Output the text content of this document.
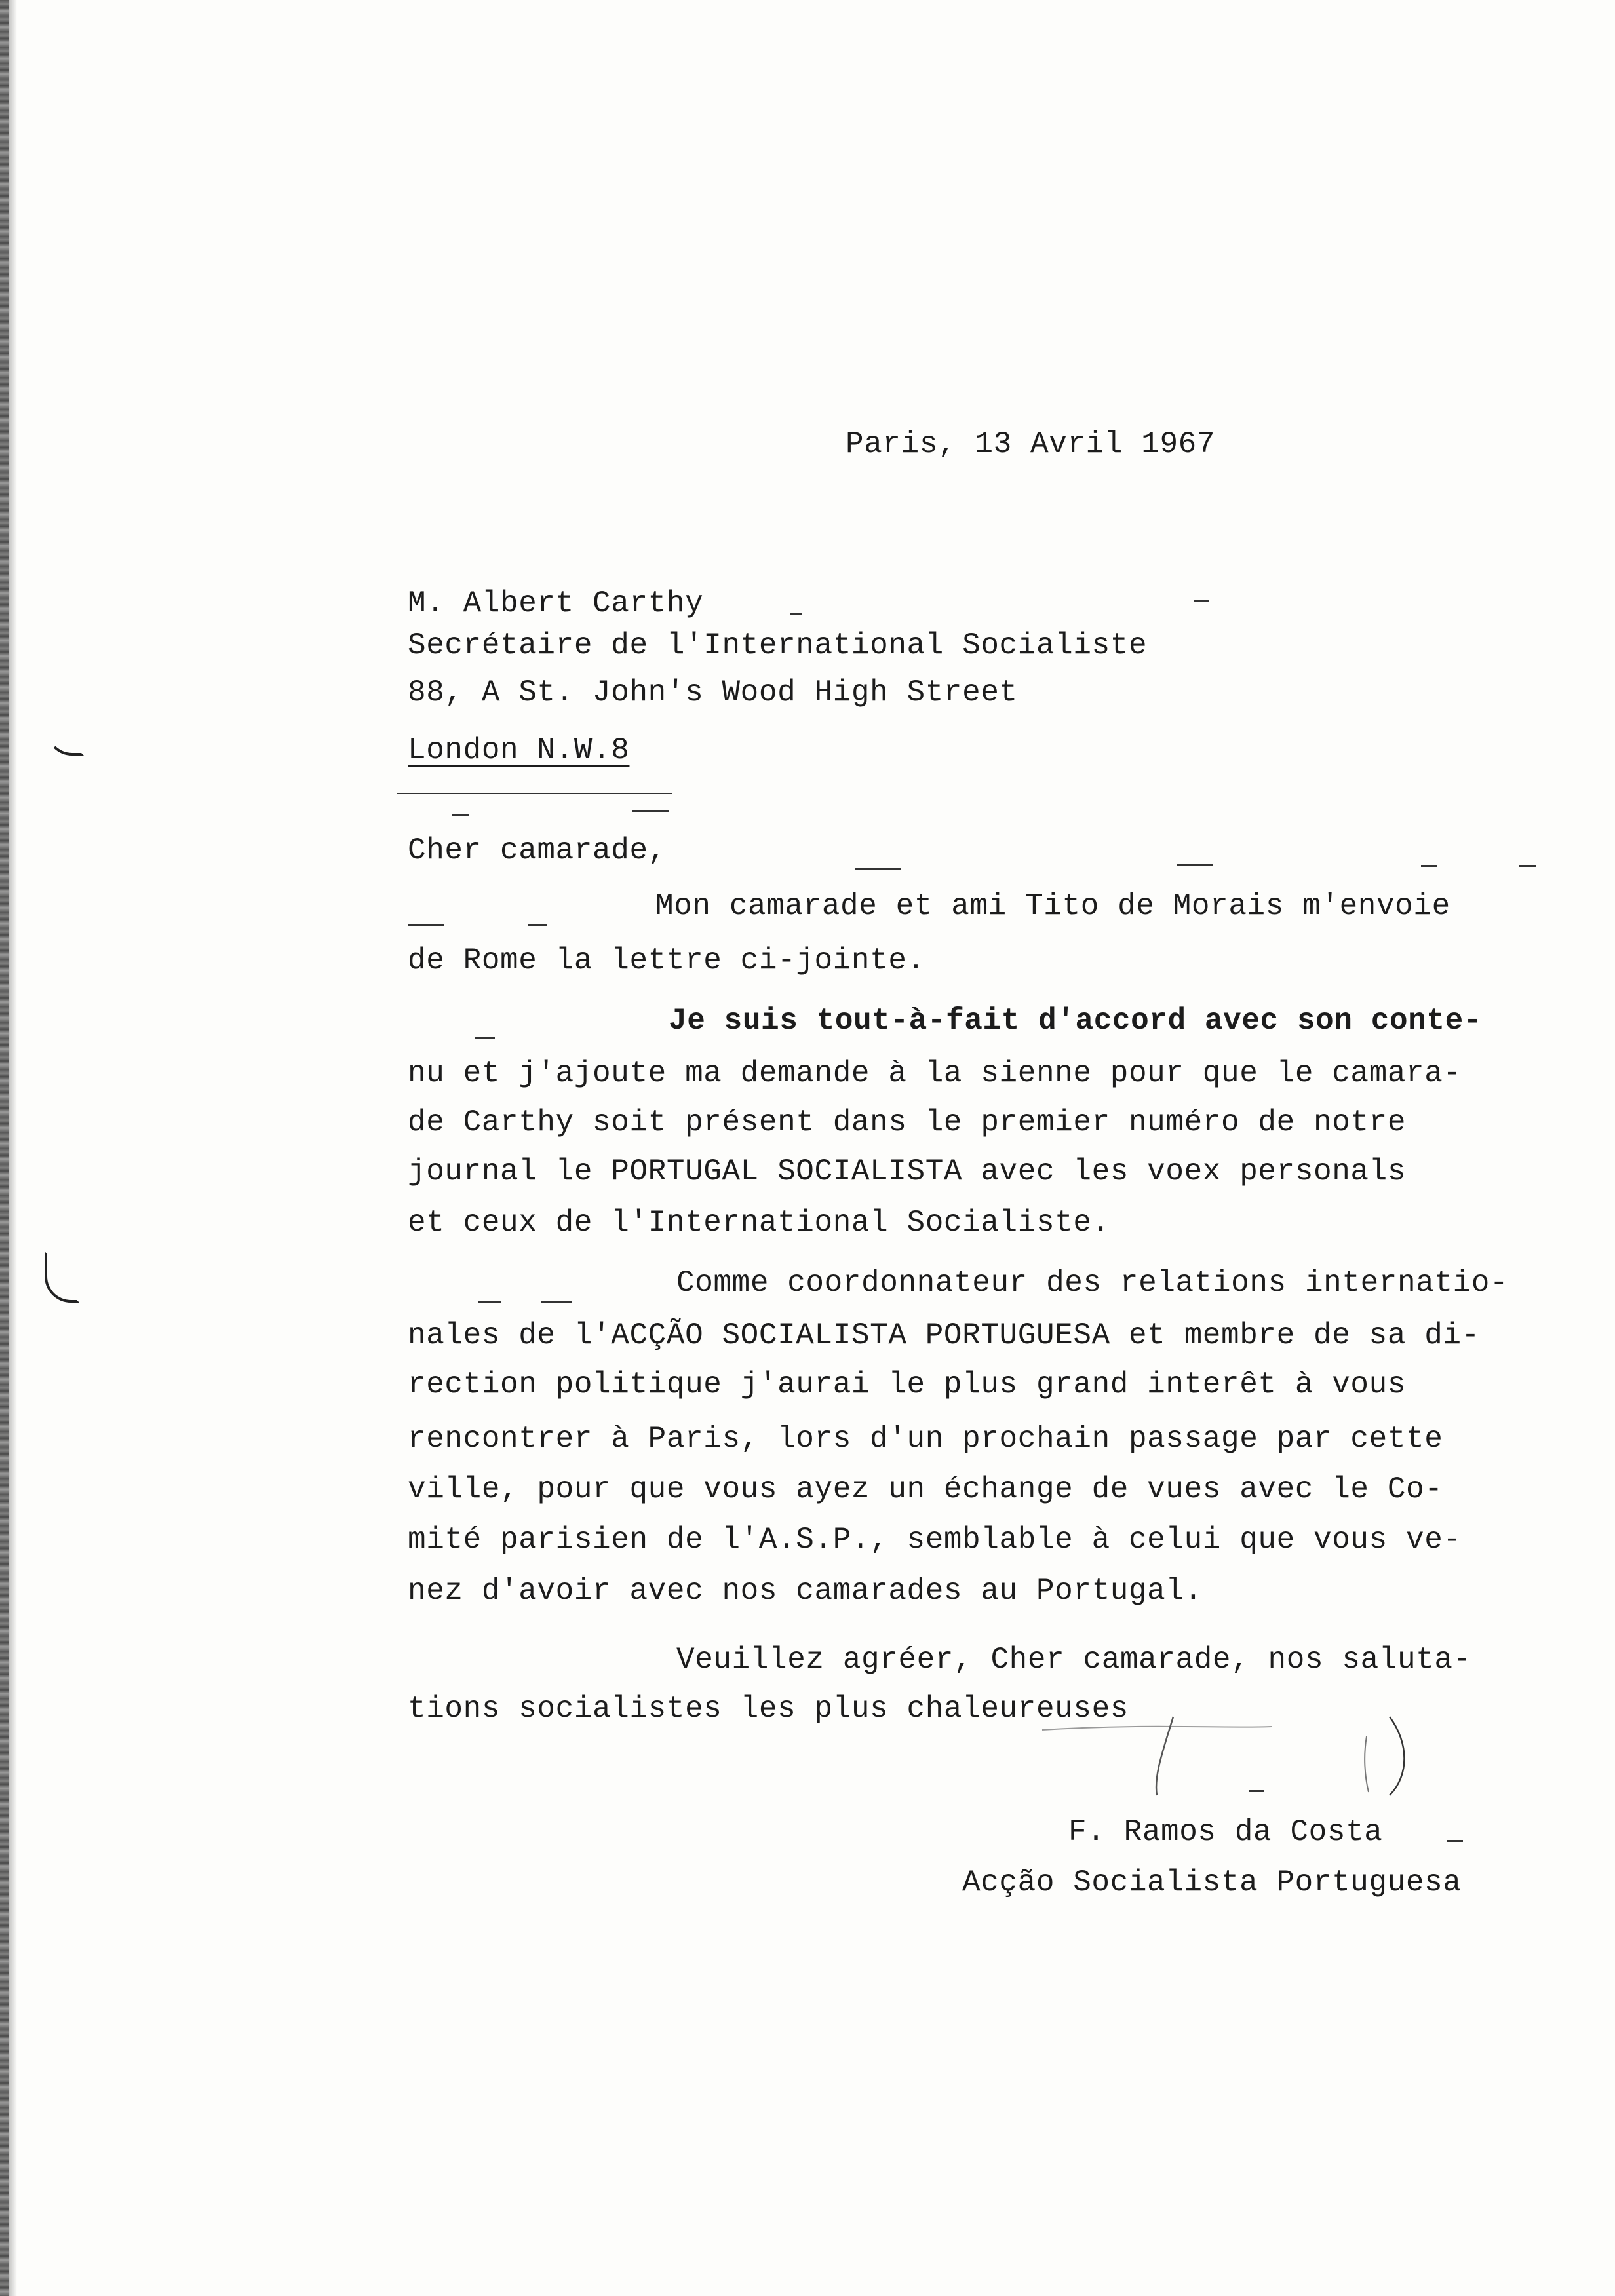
Paris, 13 Avril 1967
M. Albert Carthy
Secrétaire de l'International Socialiste
88, A St. John's Wood High Street
London N.W.8
Cher camarade,
Mon camarade et ami Tito de Morais m'envoie
de Rome la lettre ci-jointe.
Je suis tout-à-fait d'accord avec son conte-
nu et j'ajoute ma demande à la sienne pour que le camara-
de Carthy soit présent dans le premier numéro de notre
journal le PORTUGAL SOCIALISTA avec les voex personals
et ceux de l'International Socialiste.
Comme coordonnateur des relations internatio-
nales de l'ACÇÃO SOCIALISTA PORTUGUESA et membre de sa di-
rection politique j'aurai le plus grand interêt à vous
rencontrer à Paris, lors d'un prochain passage par cette
ville, pour que vous ayez un échange de vues avec le Co-
mité parisien de l'A.S.P., semblable à celui que vous ve-
nez d'avoir avec nos camarades au Portugal.
Veuillez agréer, Cher camarade, nos saluta-
tions socialistes les plus chaleureuses
F. Ramos da Costa
Acção Socialista Portuguesa
